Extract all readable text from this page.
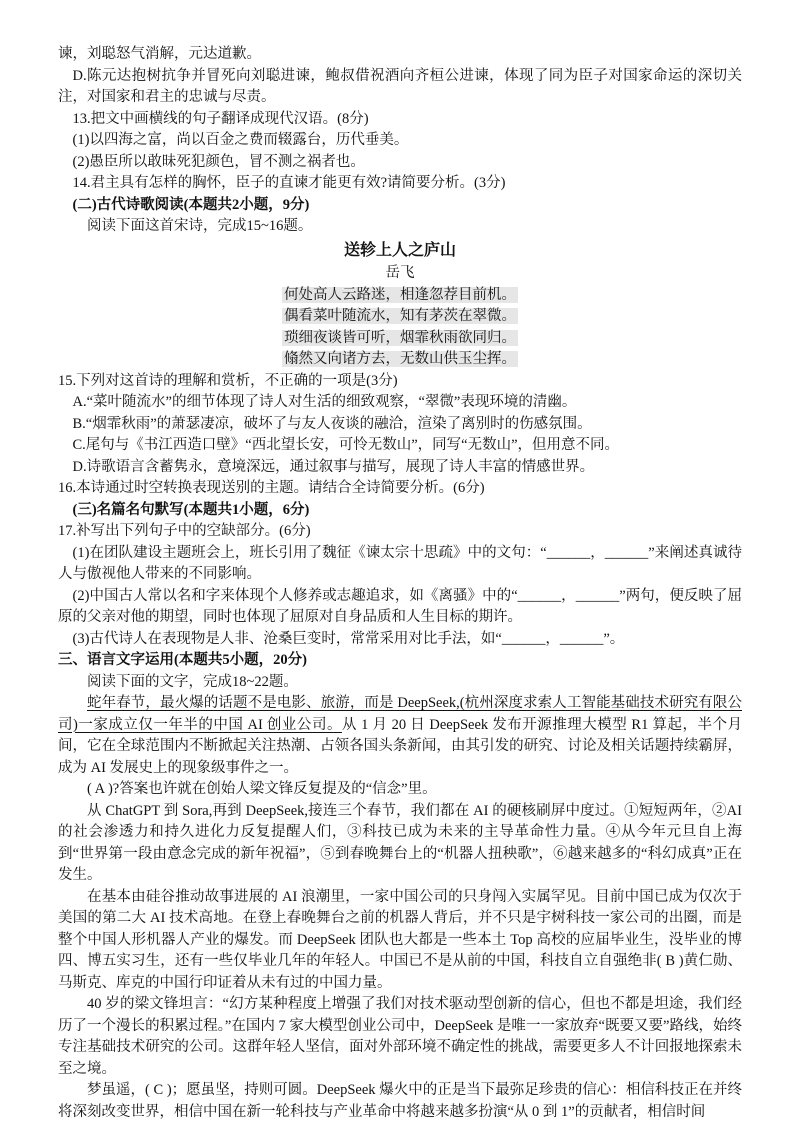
谏，刘聪怒气消解，元达道歉。

D.陈元达抱树抗争并冒死向刘聪进谏，鲍叔借祝酒向齐桓公进谏，体现了同为臣子对国家命运的深切关注，对国家和君主的忠诚与尽责。

13.把文中画横线的句子翻译成现代汉语。(8分)

(1)以四海之富，尚以百金之费而辍露台，历代垂美。

(2)愚臣所以敢昧死犯颜色，冒不测之祸者也。

14.君主具有怎样的胸怀，臣子的直谏才能更有效?请简要分析。(3分)

(二)古代诗歌阅读(本题共2小题，9分)

阅读下面这首宋诗，完成15~16题。

送轸上人之庐山

岳飞

何处高人云路迷，相逢忽荐目前机。

偶看菜叶随流水，知有茅茨在翠微。

琐细夜谈皆可听，烟霏秋雨欲同归。

翛然又向诸方去，无数山供玉尘挥。

15.下列对这首诗的理解和赏析，不正确的一项是(3分)

A.“菜叶随流水”的细节体现了诗人对生活的细致观察，“翠微”表现环境的清幽。

B.“烟霏秋雨”的萧瑟凄凉，破坏了与友人夜谈的融洽，渲染了离别时的伤感氛围。

C.尾句与《书江西造口壁》“西北望长安，可怜无数山”，同写“无数山”，但用意不同。

D.诗歌语言含蓄隽永，意境深远，通过叙事与描写，展现了诗人丰富的情感世界。

16.本诗通过时空转换表现送别的主题。请结合全诗简要分析。(6分)

(三)名篇名句默写(本题共1小题，6分)

17.补写出下列句子中的空缺部分。(6分)

(1)在团队建设主题班会上，班长引用了魏征《谏太宗十思疏》中的文句：“______，______”来阐述真诚待人与傲视他人带来的不同影响。

(2)中国古人常以名和字来体现个人修养或志趣追求，如《离骚》中的“______，______”两句，便反映了屈原的父亲对他的期望，同时也体现了屈原对自身品质和人生目标的期许。

(3)古代诗人在表现物是人非、沧桑巨变时，常常采用对比手法，如“______，______”。

三、语言文字运用(本题共5小题，20分)

阅读下面的文字，完成18~22题。

蛇年春节，最火爆的话题不是电影、旅游，而是 DeepSeek,(杭州深度求索人工智能基础技术研究有限公司)一家成立仅一年半的中国 AI 创业公司。从 1 月 20 日 DeepSeek 发布开源推理大模型 R1 算起，半个月间，它在全球范围内不断掀起关注热潮、占领各国头条新闻，由其引发的研究、讨论及相关话题持续霸屏，成为 AI 发展史上的现象级事件之一。

( A )?答案也许就在创始人梁文锋反复提及的“信念”里。

从 ChatGPT 到 Sora,再到 DeepSeek,接连三个春节，我们都在 AI 的硬核刷屏中度过。①短短两年，②AI 的社会渗透力和持久进化力反复提醒人们，③科技已成为未来的主导革命性力量。④从今年元旦自上海到“世界第一段由意念完成的新年祝福”，⑤到春晚舞台上的“机器人扭秧歌”，⑥越来越多的“科幻成真”正在发生。

在基本由硅谷推动故事进展的 AI 浪潮里，一家中国公司的只身闯入实属罕见。目前中国已成为仅次于美国的第二大 AI 技术高地。在登上春晚舞台之前的机器人背后，并不只是宇树科技一家公司的出圈，而是整个中国人形机器人产业的爆发。而 DeepSeek 团队也大都是一些本土 Top 高校的应届毕业生，没毕业的博四、博五实习生，还有一些仅毕业几年的年轻人。中国已不是从前的中国，科技自立自强绝非( B )黄仁勋、马斯克、库克的中国行印证着从未有过的中国力量。

40 岁的梁文锋坦言：“幻方某种程度上增强了我们对技术驱动型创新的信心，但也不都是坦途，我们经历了一个漫长的积累过程。”在国内 7 家大模型创业公司中，DeepSeek 是唯一一家放弃“既要又要”路线，始终专注基础技术研究的公司。这群年轻人坚信，面对外部环境不确定性的挑战，需要更多人不计回报地探索未至之境。

梦虽遥，( C )；愿虽坚，持则可圆。DeepSeek 爆火中的正是当下最弥足珍贵的信心：相信科技正在并终将深刻改变世界，相信中国在新一轮科技与产业革命中将越来越多扮演“从 0 到 1”的贡献者，相信时间
